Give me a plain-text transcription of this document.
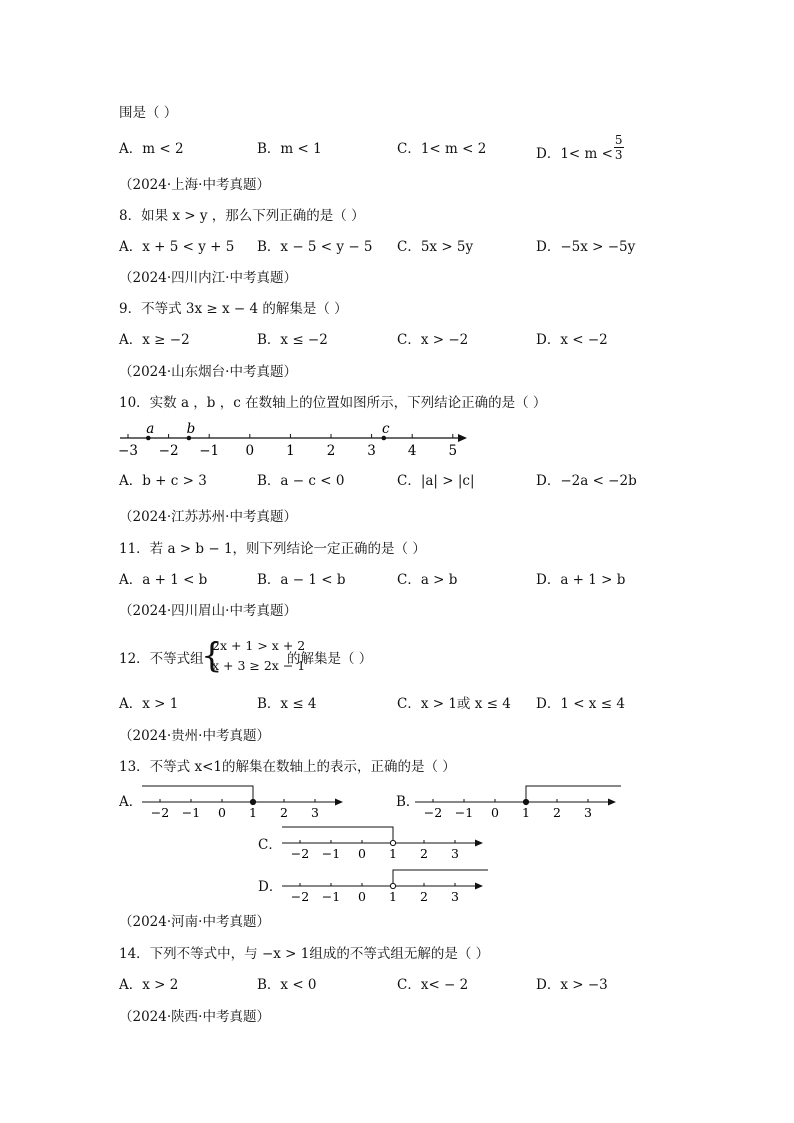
围是（ ）
A．m < 2	B．m < 1	C．1< m < 2	D．$1< m < \frac{5}{3}$
（2024·上海·中考真题）
8．如果 x > y ，那么下列正确的是（ ）
A．x + 5 < y + 5 B．x − 5 < y − 5 C．5x > 5y	D．−5x > −5y
（2024·四川内江·中考真题）
9．不等式 3x ≥ x − 4 的解集是（ ）
A．x ≥ −2	B．x ≤ −2	C．x > −2	D．x < −2
（2024·山东烟台·中考真题）
10．实数 a ，b ，c 在数轴上的位置如图所示，下列结论正确的是（ ）
−3 −2 −1 0 1 2 3 4 5
a b	c
A．b + c > 3	B．a − c < 0	C．|a| > |c|	D．−2a < −2b
（2024·江苏苏州·中考真题）
11．若 a > b − 1，则下列结论一定正确的是（ ）
A．a + 1 < b	B．a − 1 < b	C．a > b	D．a + 1 > b
（2024·四川眉山·中考真题）
12．不等式组
{
2x + 1 > x + 2
x + 3 ≥ 2x − 1
的解集是（ ）
A．x > 1	B．x ≤ 4	C．x > 1或 x ≤ 4 D．1 < x ≤ 4
（2024·贵州·中考真题）
13．不等式 x<1的解集在数轴上的表示，正确的是（ ）
A．
−2 −1 0 1 2 3
B．
−2 −1 0 1 2 3
C．
−2 −1 0 1 2 3
D．
−2 −1 0 1 2 3
（2024·河南·中考真题）
14．下列不等式中，与 −x > 1组成的不等式组无解的是（ ）
A．x > 2	B．x < 0	C．x< − 2	D．x > −3
（2024·陕西·中考真题）
